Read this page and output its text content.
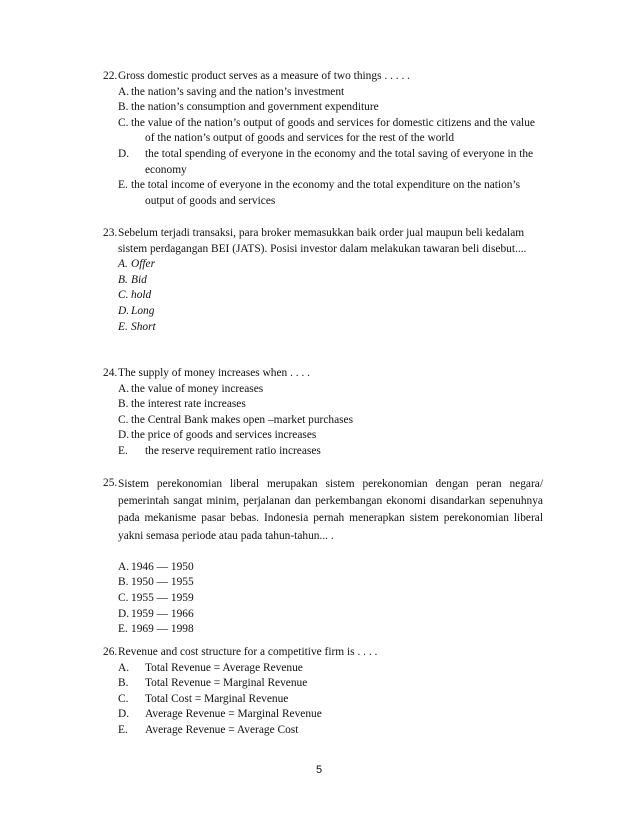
22. Gross domestic product serves as a measure of two things . . . . .
A. the nation’s saving and the nation’s investment
B. the nation’s consumption and government expenditure
C. the value of the nation’s output of goods and services for domestic citizens and the value of the nation’s output of goods and services for the rest of the world
D. the total spending of everyone in the economy and the total saving of everyone in the economy
E. the total income of everyone in the economy and the total expenditure on the nation’s output of goods and services
23. Sebelum terjadi transaksi, para broker memasukkan baik order jual maupun beli kedalam sistem perdagangan BEI (JATS). Posisi investor dalam melakukan tawaran beli disebut....
A. Offer
B. Bid
C. hold
D. Long
E. Short
24. The supply of money increases when . . . .
A. the value of money increases
B. the interest rate increases
C. the Central Bank makes open –market purchases
D. the price of goods and services increases
E. the reserve requirement ratio increases
25. Sistem perekonomian liberal merupakan sistem perekonomian dengan peran negara/ pemerintah sangat minim, perjalanan dan perkembangan ekonomi disandarkan sepenuhnya pada mekanisme pasar bebas. Indonesia pernah menerapkan sistem perekonomian liberal yakni semasa periode atau pada tahun-tahun... .
A. 1946 — 1950
B. 1950 — 1955
C. 1955 — 1959
D. 1959 — 1966
E. 1969 — 1998
26. Revenue and cost structure for a competitive firm is . . . .
A. Total Revenue = Average Revenue
B. Total Revenue = Marginal Revenue
C. Total Cost = Marginal Revenue
D. Average Revenue = Marginal Revenue
E. Average Revenue = Average Cost
5
